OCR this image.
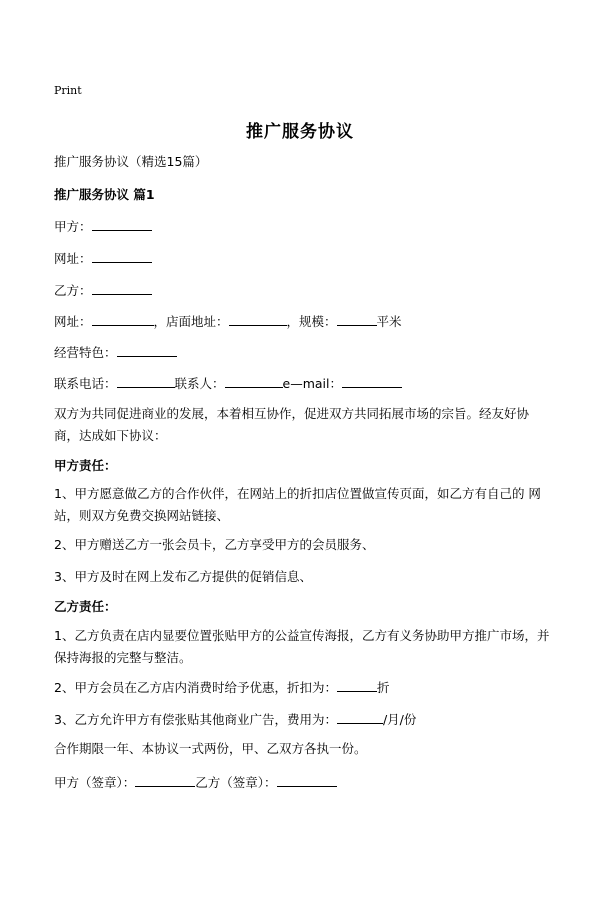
Print
推广服务协议
推广服务协议（精选15篇）
推广服务协议 篇1
甲方：
网址：
乙方：
网址：	，店面地址：	，规模：	平米
经营特色：
联系电话：	联系人：	e—mail：
双方为共同促进商业的发展，本着相互协作，促进双方共同拓展市场的宗旨。经友好协商，达成如下协议：
甲方责任：
1、甲方愿意做乙方的合作伙伴，在网站上的折扣店位置做宣传页面，如乙方有自己的 网站，则双方免费交换网站链接、
2、甲方赠送乙方一张会员卡，乙方享受甲方的会员服务、
3、甲方及时在网上发布乙方提供的促销信息、
乙方责任：
1、乙方负责在店内显要位置张贴甲方的公益宣传海报，乙方有义务协助甲方推广市场，并保持海报的完整与整洁。
2、甲方会员在乙方店内消费时给予优惠，折扣为：	折
3、乙方允许甲方有偿张贴其他商业广告，费用为：	/月/份
合作期限一年、本协议一式两份，甲、乙双方各执一份。
甲方（签章）：	乙方（签章）：
